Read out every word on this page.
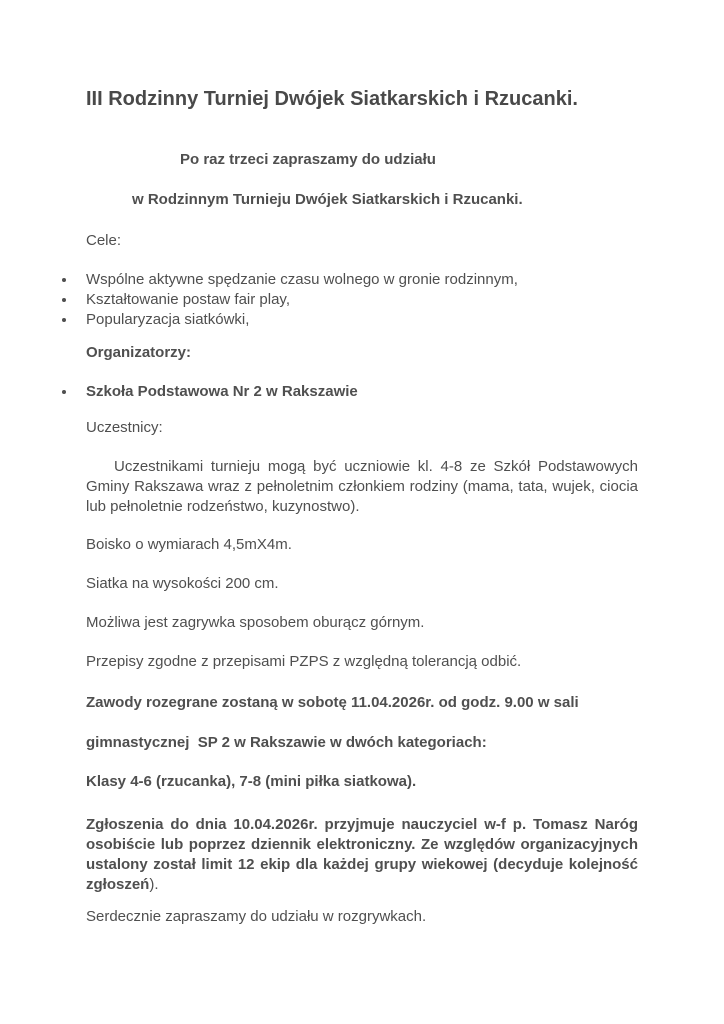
III Rodzinny Turniej Dwójek Siatkarskich i Rzucanki.

Po raz trzeci zapraszamy do udziału

w Rodzinnym Turnieju Dwójek Siatkarskich i Rzucanki.

Cele:

Wspólne aktywne spędzanie czasu wolnego w gronie rodzinnym,
Kształtowanie postaw fair play,
Popularyzacja siatkówki,

Organizatorzy:

Szkoła Podstawowa Nr 2 w Rakszawie

Uczestnicy:

Uczestnikami turnieju mogą być uczniowie kl. 4-8 ze Szkół Podstawowych Gminy Rakszawa wraz z pełnoletnim członkiem rodziny (mama, tata, wujek, ciocia lub pełnoletnie rodzeństwo, kuzynostwo).

Boisko o wymiarach 4,5mX4m.

Siatka na wysokości 200 cm.

Możliwa jest zagrywka sposobem oburącz górnym.

Przepisy zgodne z przepisami PZPS z względną tolerancją odbić.

Zawody rozegrane zostaną w sobotę 11.04.2026r. od godz. 9.00 w sali

gimnastycznej  SP 2 w Rakszawie w dwóch kategoriach:

Klasy 4-6 (rzucanka), 7-8 (mini piłka siatkowa).

Zgłoszenia do dnia 10.04.2026r. przyjmuje nauczyciel w-f p. Tomasz Naróg osobiście lub poprzez dziennik elektroniczny. Ze względów organizacyjnych ustalony został limit 12 ekip dla każdej grupy wiekowej (decyduje kolejność zgłoszeń).

Serdecznie zapraszamy do udziału w rozgrywkach.
